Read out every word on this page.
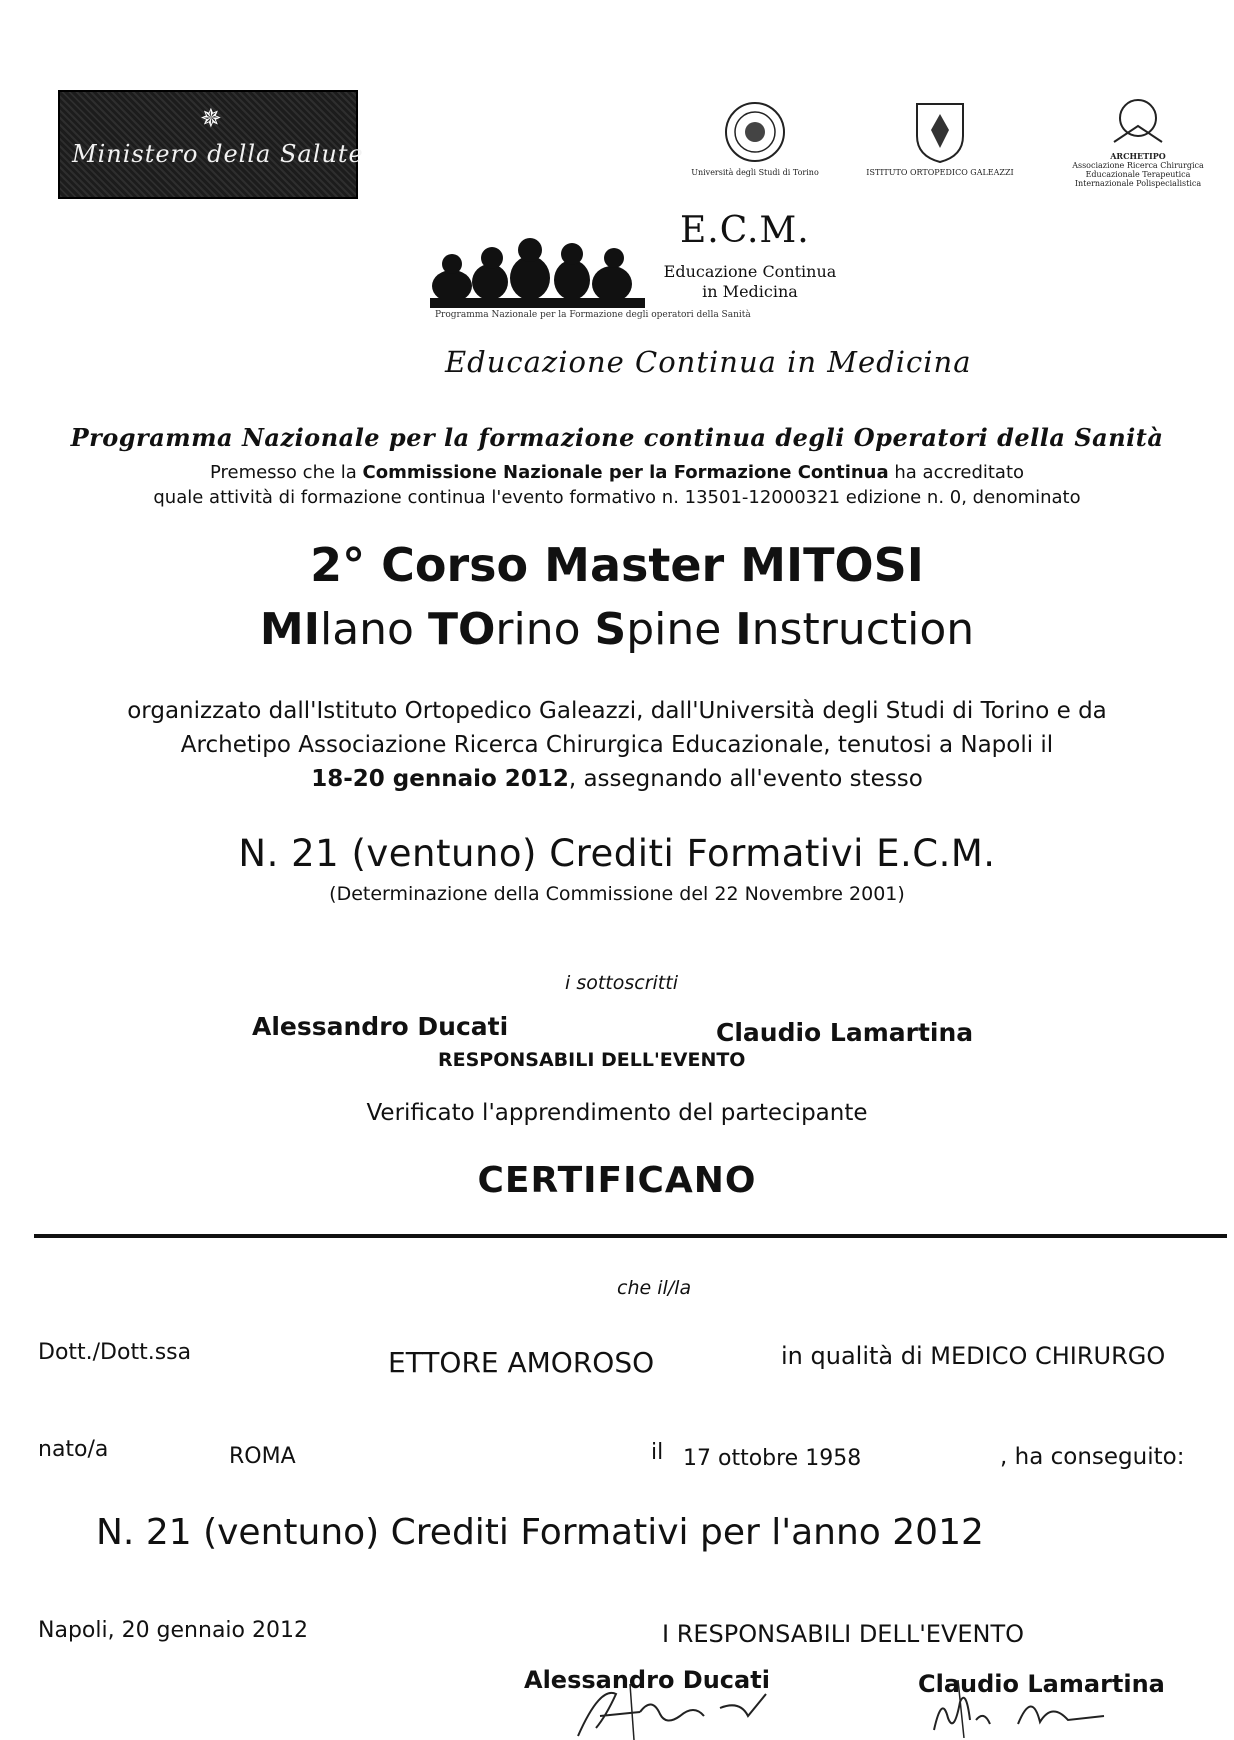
✵
Ministero della Salute
Università degli Studi di Torino	ISTITUTO ORTOPEDICO GALEAZZI
ARCHETIPO
Associazione Ricerca Chirurgica Educazionale Terapeutica Internazionale Polispecialistica
E.C.M.
Educazione Continua
in Medicina
Programma Nazionale per la Formazione degli operatori della Sanità
Educazione Continua in Medicina
Programma Nazionale per la formazione continua degli Operatori della Sanità
Premesso che la Commissione Nazionale per la Formazione Continua ha accreditato
quale attività di formazione continua l'evento formativo n. 13501-12000321 edizione n. 0, denominato
2° Corso Master MITOSI
MIlano TOrino Spine Instruction
organizzato dall'Istituto Ortopedico Galeazzi, dall'Università degli Studi di Torino e da
Archetipo Associazione Ricerca Chirurgica Educazionale, tenutosi a Napoli il
18-20 gennaio 2012, assegnando all'evento stesso
N. 21 (ventuno) Crediti Formativi E.C.M.
(Determinazione della Commissione del 22 Novembre 2001)
i sottoscritti
Alessandro Ducati	Claudio Lamartina
RESPONSABILI DELL'EVENTO
Verificato l'apprendimento del partecipante
CERTIFICANO
che il/la
Dott./Dott.ssa	ETTORE AMOROSO	in qualità di MEDICO CHIRURGO
nato/a	ROMA	il 17 ottobre 1958	, ha conseguito:
N. 21 (ventuno) Crediti Formativi per l'anno 2012
Napoli, 20 gennaio 2012	I RESPONSABILI DELL'EVENTO
Alessandro Ducati	Claudio Lamartina
